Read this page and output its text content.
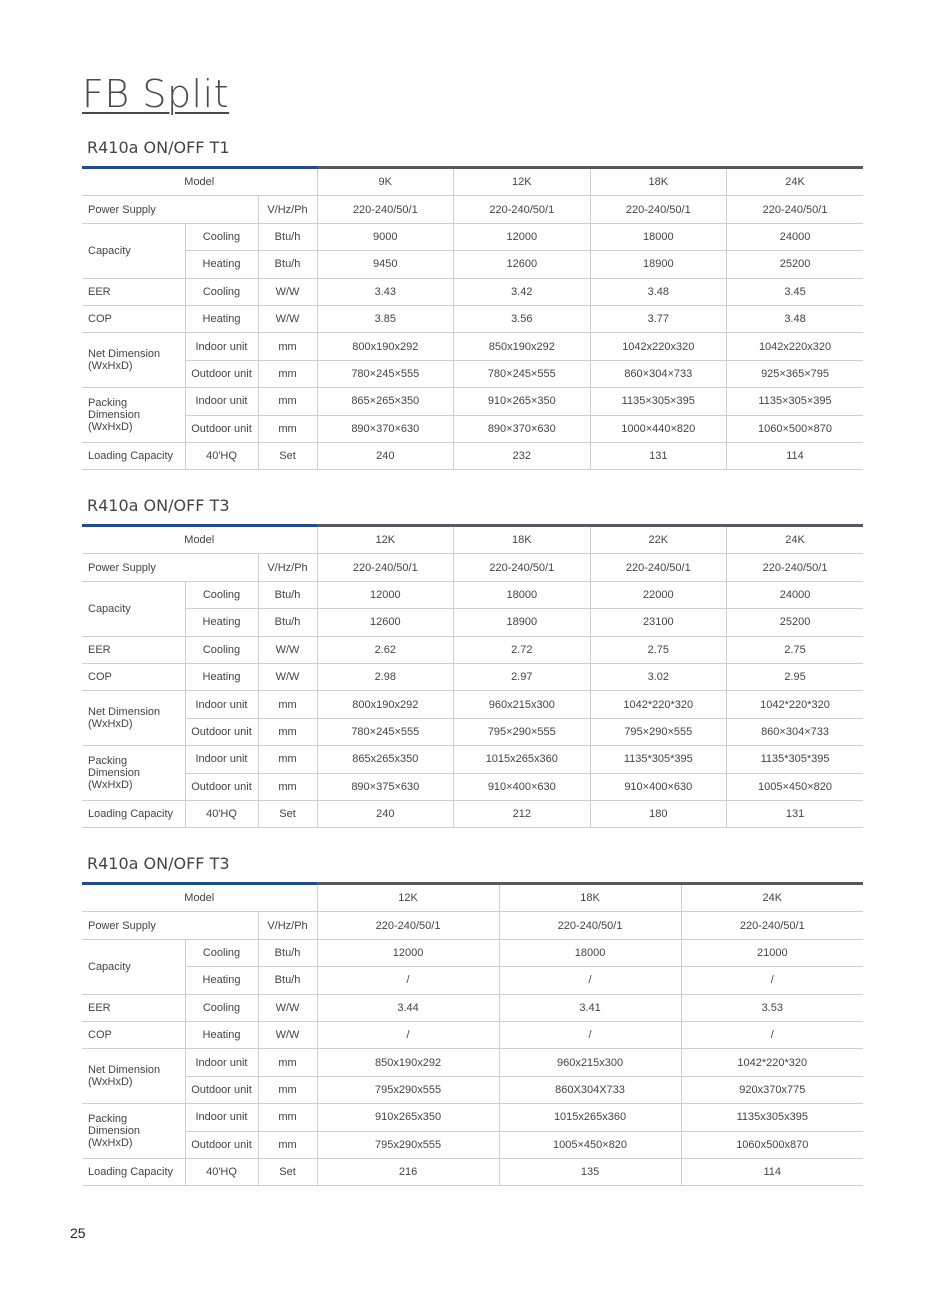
FB Split
R410a ON/OFF T1
Model			9K	12K	18K	24K
Power Supply		V/Hz/Ph	220-240/50/1	220-240/50/1	220-240/50/1	220-240/50/1
Capacity	Cooling	Btu/h	9000	12000	18000	24000
	Heating	Btu/h	9450	12600	18900	25200
EER	Cooling	W/W	3.43	3.42	3.48	3.45
COP	Heating	W/W	3.85	3.56	3.77	3.48
Net Dimension (WxHxD)	Indoor unit	mm	800x190x292	850x190x292	1042x220x320	1042x220x320
	Outdoor unit	mm	780×245×555	780×245×555	860×304×733	925×365×795
Packing Dimension (WxHxD)	Indoor unit	mm	865×265×350	910×265×350	1135×305×395	1135×305×395
	Outdoor unit	mm	890×370×630	890×370×630	1000×440×820	1060×500×870
Loading Capacity	40'HQ	Set	240	232	131	114
R410a ON/OFF T3
Model			12K	18K	22K	24K
Power Supply		V/Hz/Ph	220-240/50/1	220-240/50/1	220-240/50/1	220-240/50/1
Capacity	Cooling	Btu/h	12000	18000	22000	24000
	Heating	Btu/h	12600	18900	23100	25200
EER	Cooling	W/W	2.62	2.72	2.75	2.75
COP	Heating	W/W	2.98	2.97	3.02	2.95
Net Dimension (WxHxD)	Indoor unit	mm	800x190x292	960x215x300	1042*220*320	1042*220*320
	Outdoor unit	mm	780×245×555	795×290×555	795×290×555	860×304×733
Packing Dimension (WxHxD)	Indoor unit	mm	865x265x350	1015x265x360	1135*305*395	1135*305*395
	Outdoor unit	mm	890×375×630	910×400×630	910×400×630	1005×450×820
Loading Capacity	40'HQ	Set	240	212	180	131
R410a ON/OFF T3
Model			12K	18K	24K
Power Supply		V/Hz/Ph	220-240/50/1	220-240/50/1	220-240/50/1
Capacity	Cooling	Btu/h	12000	18000	21000
	Heating	Btu/h	/	/	/
EER	Cooling	W/W	3.44	3.41	3.53
COP	Heating	W/W	/	/	/
Net Dimension (WxHxD)	Indoor unit	mm	850x190x292	960x215x300	1042*220*320
	Outdoor unit	mm	795x290x555	860X304X733	920x370x775
Packing Dimension (WxHxD)	Indoor unit	mm	910x265x350	1015x265x360	1135x305x395
	Outdoor unit	mm	795x290x555	1005×450×820	1060x500x870
Loading Capacity	40'HQ	Set	216	135	114
25
